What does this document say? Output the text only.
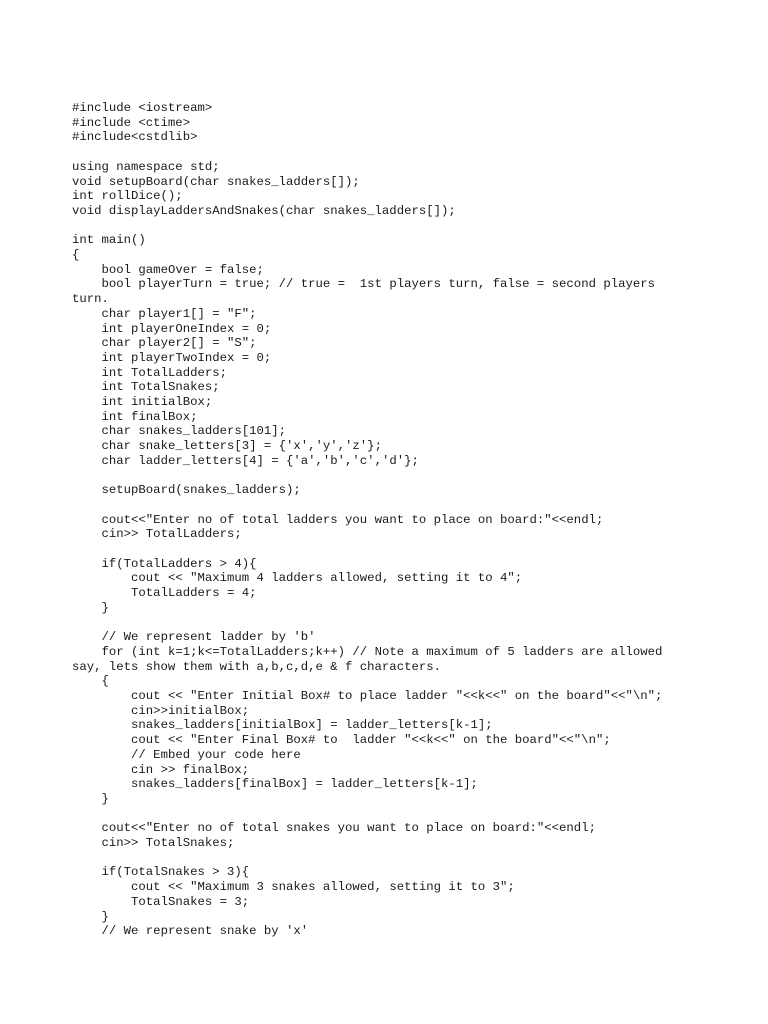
#include <iostream>
#include <ctime>
#include<cstdlib>
using namespace std;
void setupBoard(char snakes_ladders[]);
int rollDice();
void displayLaddersAndSnakes(char snakes_ladders[]);
int main()
{
bool gameOver = false;
bool playerTurn = true; // true =  1st players turn, false = second players turn.
char player1[] = "F";
int playerOneIndex = 0;
char player2[] = "S";
int playerTwoIndex = 0;
int TotalLadders;
int TotalSnakes;
int initialBox;
int finalBox;
char snakes_ladders[101];
char snake_letters[3] = {'x','y','z'};
char ladder_letters[4] = {'a','b','c','d'};
setupBoard(snakes_ladders);
cout<<"Enter no of total ladders you want to place on board:"<<endl;
cin>> TotalLadders;
if(TotalLadders > 4){
cout << "Maximum 4 ladders allowed, setting it to 4";
TotalLadders = 4;
}
// We represent ladder by 'b'
for (int k=1;k<=TotalLadders;k++) // Note a maximum of 5 ladders are allowed say, lets show them with a,b,c,d,e & f characters.
{
cout << "Enter Initial Box# to place ladder "<<k<<" on the board"<<"\n";
cin>>initialBox;
snakes_ladders[initialBox] = ladder_letters[k-1];
cout << "Enter Final Box# to  ladder "<<k<<" on the board"<<"\n";
// Embed your code here
cin >> finalBox;
snakes_ladders[finalBox] = ladder_letters[k-1];
}
cout<<"Enter no of total snakes you want to place on board:"<<endl;
cin>> TotalSnakes;
if(TotalSnakes > 3){
cout << "Maximum 3 snakes allowed, setting it to 3";
TotalSnakes = 3;
}
// We represent snake by 'x'
